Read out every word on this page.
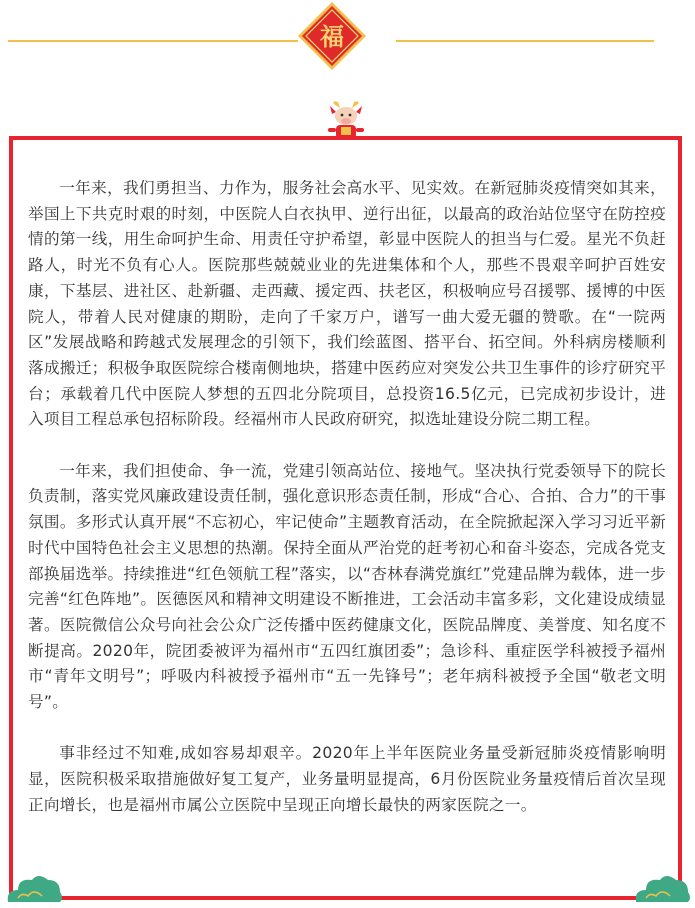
福

一年来，我们勇担当、力作为，服务社会高水平、见实效。在新冠肺炎疫情突如其来，举国上下共克时艰的时刻，中医院人白衣执甲、逆行出征，以最高的政治站位坚守在防控疫情的第一线，用生命呵护生命、用责任守护希望，彰显中医院人的担当与仁爱。星光不负赶路人，时光不负有心人。医院那些兢兢业业的先进集体和个人，那些不畏艰辛呵护百姓安康，下基层、进社区、赴新疆、走西藏、援定西、扶老区，积极响应号召援鄂、援博的中医院人，带着人民对健康的期盼，走向了千家万户，谱写一曲大爱无疆的赞歌。在“一院两区”发展战略和跨越式发展理念的引领下，我们绘蓝图、搭平台、拓空间。外科病房楼顺利落成搬迁；积极争取医院综合楼南侧地块，搭建中医药应对突发公共卫生事件的诊疗研究平台；承载着几代中医院人梦想的五四北分院项目，总投资16.5亿元，已完成初步设计，进入项目工程总承包招标阶段。经福州市人民政府研究，拟选址建设分院二期工程。

一年来，我们担使命、争一流，党建引领高站位、接地气。坚决执行党委领导下的院长负责制，落实党风廉政建设责任制，强化意识形态责任制，形成“合心、合拍、合力”的干事氛围。多形式认真开展“不忘初心，牢记使命”主题教育活动，在全院掀起深入学习习近平新时代中国特色社会主义思想的热潮。保持全面从严治党的赶考初心和奋斗姿态，完成各党支部换届选举。持续推进“红色领航工程”落实，以“杏林春满党旗红”党建品牌为载体，进一步完善“红色阵地”。医德医风和精神文明建设不断推进，工会活动丰富多彩，文化建设成绩显著。医院微信公众号向社会公众广泛传播中医药健康文化，医院品牌度、美誉度、知名度不断提高。2020年，院团委被评为福州市“五四红旗团委”；急诊科、重症医学科被授予福州市“青年文明号”；呼吸内科被授予福州市“五一先锋号”；老年病科被授予全国“敬老文明号”。

事非经过不知难,成如容易却艰辛。2020年上半年医院业务量受新冠肺炎疫情影响明显，医院积极采取措施做好复工复产，业务量明显提高，6月份医院业务量疫情后首次呈现正向增长，也是福州市属公立医院中呈现正向增长最快的两家医院之一。
